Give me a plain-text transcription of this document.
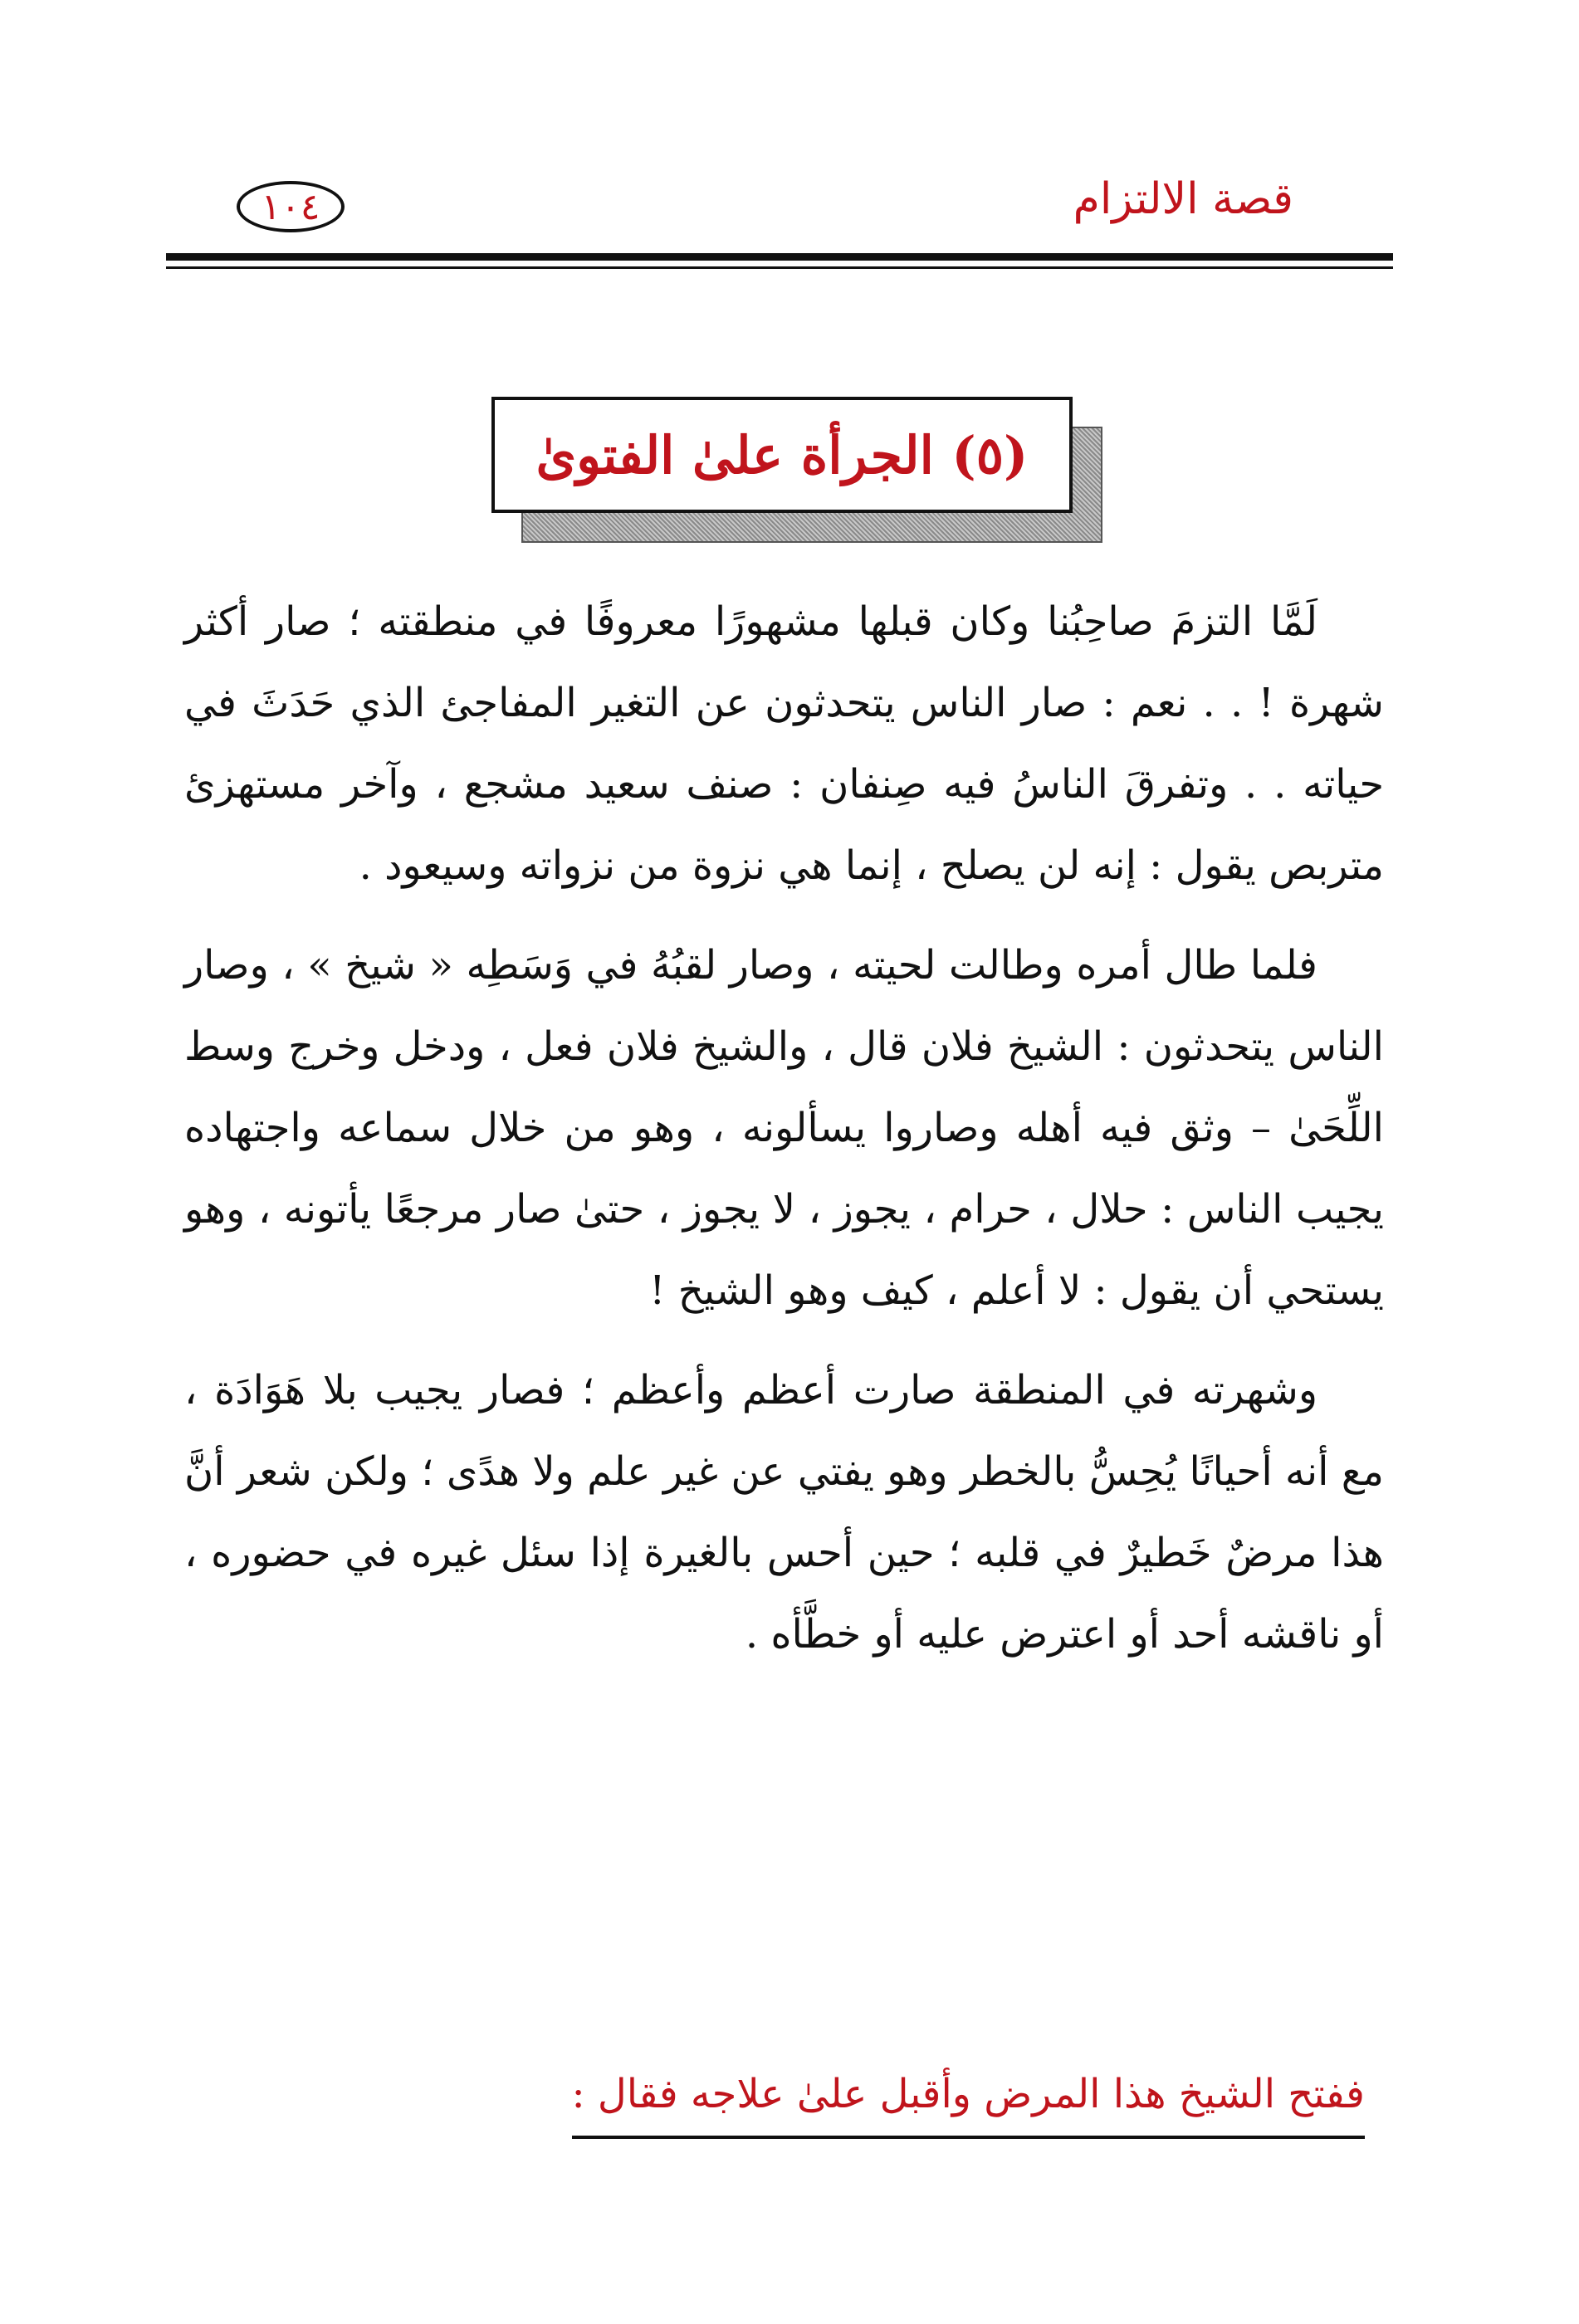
قصة الالتزام
١٠٤
(٥) الجرأة علىٰ الفتوىٰ

لَمَّا التزمَ صاحِبُنا وكان قبلها مشهورًا معروفًا في منطقته ؛ صار أكثر شهرة ! . . نعم : صار الناس يتحدثون عن التغير المفاجئ الذي حَدَثَ في حياته . . وتفرقَ الناسُ فيه صِنفان : صنف سعيد مشجع ، وآخر مستهزئ متربص يقول : إنه لن يصلح ، إنما هي نزوة من نزواته وسيعود .

فلما طال أمره وطالت لحيته ، وصار لقبُهُ في وَسَطِه « شيخ » ، وصار الناس يتحدثون : الشيخ فلان قال ، والشيخ فلان فعل ، ودخل وخرج وسط اللِّحَىٰ – وثق فيه أهله وصاروا يسألونه ، وهو من خلال سماعه واجتهاده يجيب الناس : حلال ، حرام ، يجوز ، لا يجوز ، حتىٰ صار مرجعًا يأتونه ، وهو يستحي أن يقول : لا أعلم ، كيف وهو الشيخ !

وشهرته في المنطقة صارت أعظم وأعظم ؛ فصار يجيب بلا هَوَادَة ، مع أنه أحيانًا يُحِسُّ بالخطر وهو يفتي عن غير علم ولا هدًى ؛ ولكن شعر أنَّ هذا مرضٌ خَطيرٌ في قلبه ؛ حين أحس بالغيرة إذا سئل غيره في حضوره ، أو ناقشه أحد أو اعترض عليه أو خطَّأه .

ففتح الشيخ هذا المرض وأقبل علىٰ علاجه فقال :
